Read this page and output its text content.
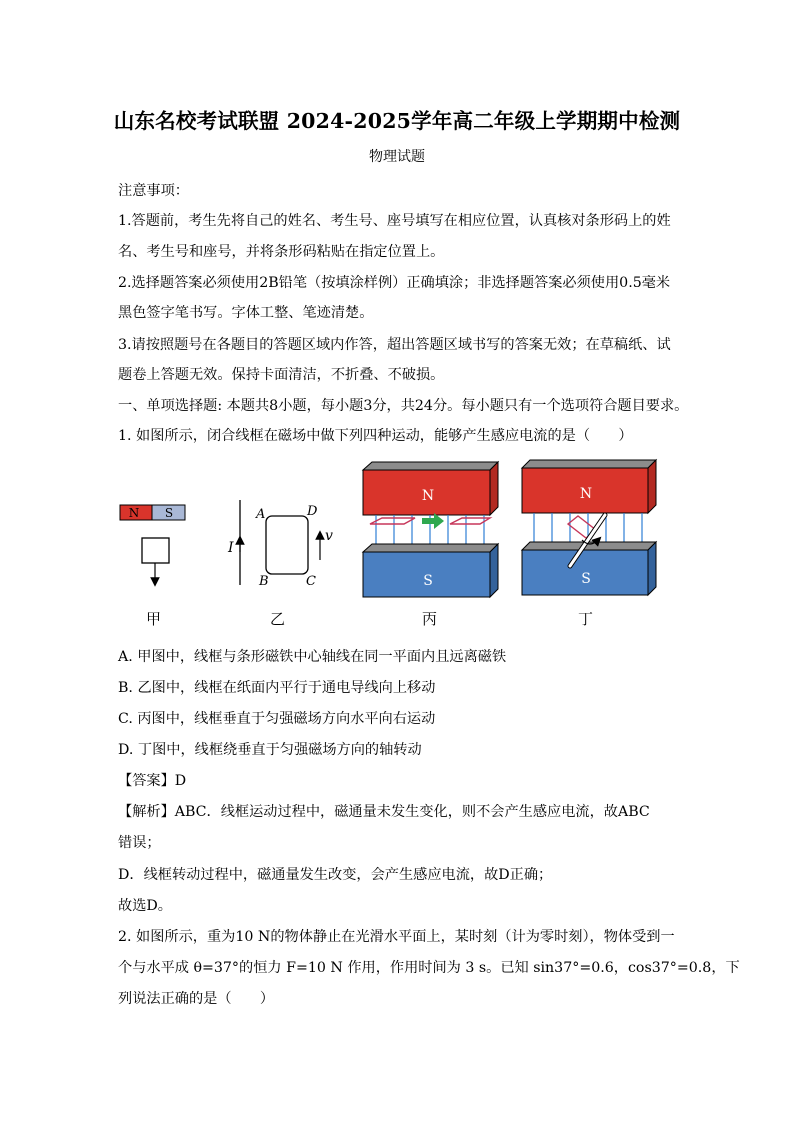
山东名校考试联盟 2024-2025学年高二年级上学期期中检测
物理试题
注意事项：
1.答题前，考生先将自己的姓名、考生号、座号填写在相应位置，认真核对条形码上的姓
名、考生号和座号，并将条形码粘贴在指定位置上。
2.选择题答案必须使用2B铅笔（按填涂样例）正确填涂；非选择题答案必须使用0.5毫米
黑色签字笔书写。字体工整、笔迹清楚。
3.请按照题号在各题目的答题区域内作答，超出答题区域书写的答案无效；在草稿纸、试
题卷上答题无效。保持卡面清洁，不折叠、不破损。
一、单项选择题: 本题共8小题，每小题3分，共24分。每小题只有一个选项符合题目要求。
1. 如图所示，闭合线框在磁场中做下列四种运动，能够产生感应电流的是（　　）
N S
I
A	D
B	C
v
N
S
N
S
甲	乙	丙	丁
A. 甲图中，线框与条形磁铁中心轴线在同一平面内且远离磁铁
B. 乙图中，线框在纸面内平行于通电导线向上移动
C. 丙图中，线框垂直于匀强磁场方向水平向右运动
D. 丁图中，线框绕垂直于匀强磁场方向的轴转动
【答案】D
【解析】ABC．线框运动过程中，磁通量未发生变化，则不会产生感应电流，故ABC
错误；
D．线框转动过程中，磁通量发生改变，会产生感应电流，故D正确；
故选D。
2. 如图所示，重为10 N的物体静止在光滑水平面上，某时刻（计为零时刻），物体受到一
个与水平成 θ=37°的恒力 F=10 N 作用，作用时间为 3 s。已知 sin37°=0.6，cos37°=0.8，下
列说法正确的是（　　）
